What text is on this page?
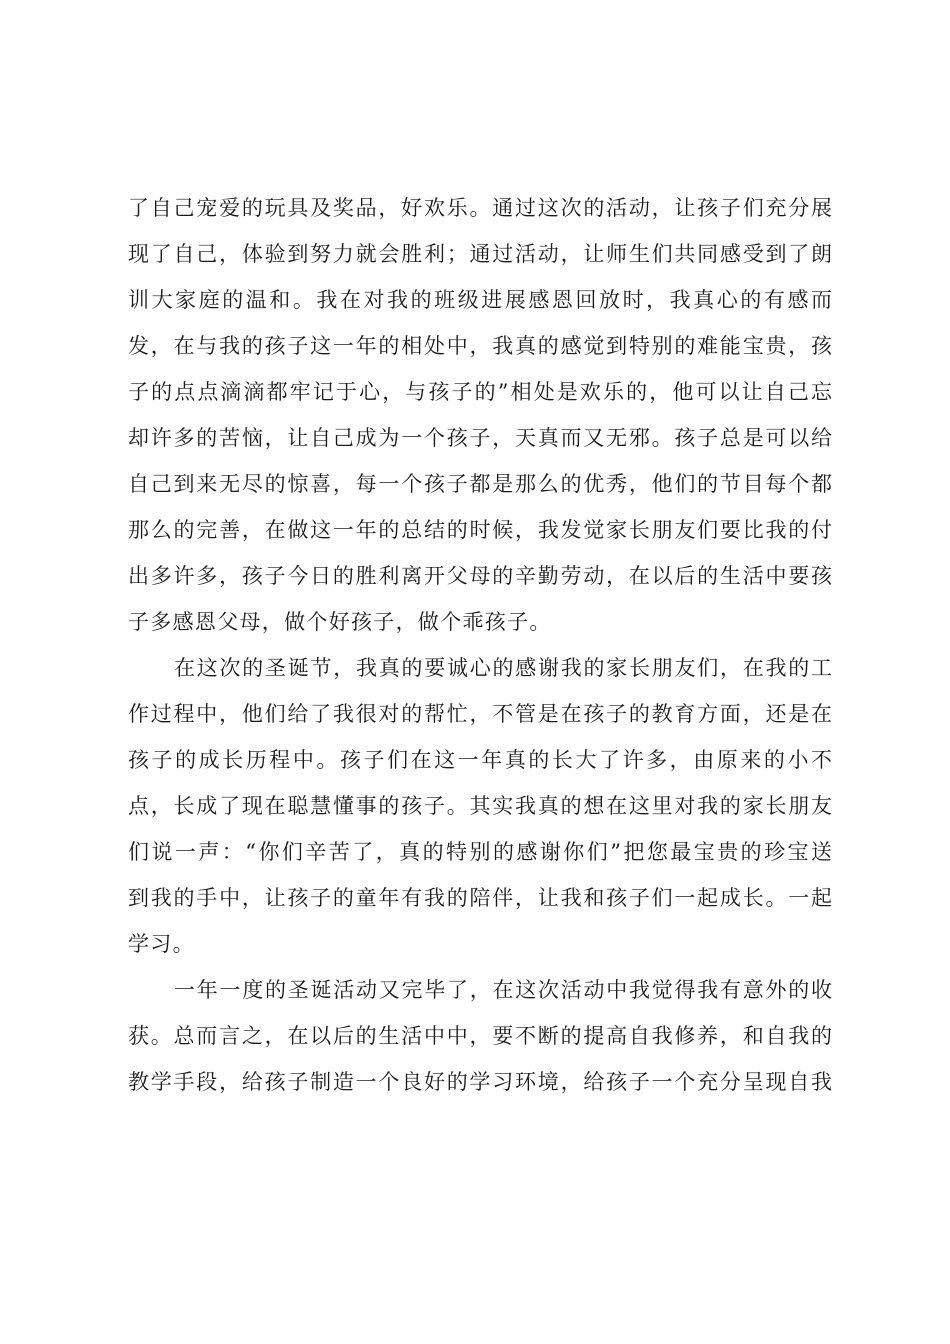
了自己宠爱的玩具及奖品，好欢乐。通过这次的活动，让孩子们充分展
现了自己，体验到努力就会胜利；通过活动，让师生们共同感受到了朗
训大家庭的温和。我在对我的班级进展感恩回放时，我真心的有感而
发，在与我的孩子这一年的相处中，我真的感觉到特别的难能宝贵，孩
子的点点滴滴都牢记于心，与孩子的”相处是欢乐的，他可以让自己忘
却许多的苦恼，让自己成为一个孩子，天真而又无邪。孩子总是可以给
自己到来无尽的惊喜，每一个孩子都是那么的优秀，他们的节目每个都
那么的完善，在做这一年的总结的时候，我发觉家长朋友们要比我的付
出多许多，孩子今日的胜利离开父母的辛勤劳动，在以后的生活中要孩
子多感恩父母，做个好孩子，做个乖孩子。
在这次的圣诞节，我真的要诚心的感谢我的家长朋友们，在我的工
作过程中，他们给了我很对的帮忙，不管是在孩子的教育方面，还是在
孩子的成长历程中。孩子们在这一年真的长大了许多，由原来的小不
点，长成了现在聪慧懂事的孩子。其实我真的想在这里对我的家长朋友
们说一声：“你们辛苦了，真的特别的感谢你们”把您最宝贵的珍宝送
到我的手中，让孩子的童年有我的陪伴，让我和孩子们一起成长。一起
学习。
一年一度的圣诞活动又完毕了，在这次活动中我觉得我有意外的收
获。总而言之，在以后的生活中中，要不断的提高自我修养，和自我的
教学手段，给孩子制造一个良好的学习环境，给孩子一个充分呈现自我
